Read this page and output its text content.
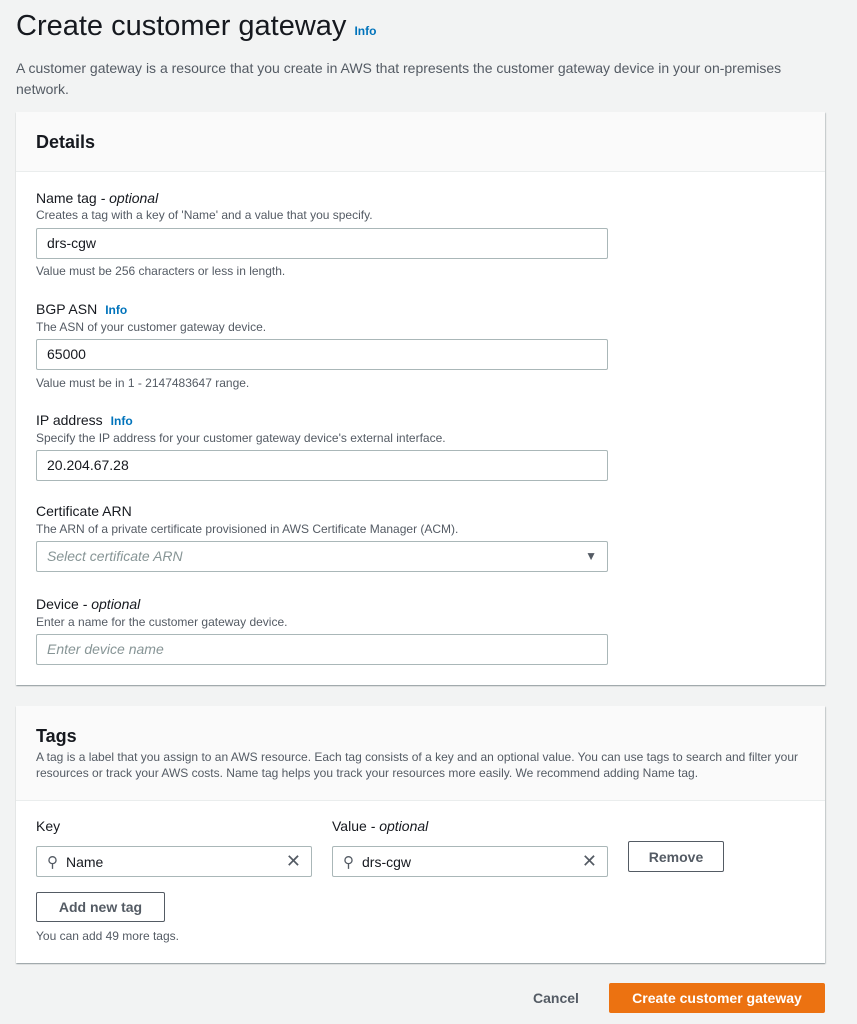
Create customer gateway Info
A customer gateway is a resource that you create in AWS that represents the customer gateway device in your on-premises network.
Details
Name tag - optional
Creates a tag with a key of 'Name' and a value that you specify.
drs-cgw
Value must be 256 characters or less in length.
BGP ASN Info
The ASN of your customer gateway device.
65000
Value must be in 1 - 2147483647 range.
IP address Info
Specify the IP address for your customer gateway device's external interface.
20.204.67.28
Certificate ARN
The ARN of a private certificate provisioned in AWS Certificate Manager (ACM).
Select certificate ARN	▼
Device - optional
Enter a name for the customer gateway device.
Enter device name
Tags
A tag is a label that you assign to an AWS resource. Each tag consists of a key and an optional value. You can use tags to search and filter your resources or track your AWS costs. Name tag helps you track your resources more easily. We recommend adding Name tag.
Key	Value - optional
⚲ Name	✕	⚲ drs-cgw	✕	Remove
Add new tag
You can add 49 more tags.
Cancel	Create customer gateway
